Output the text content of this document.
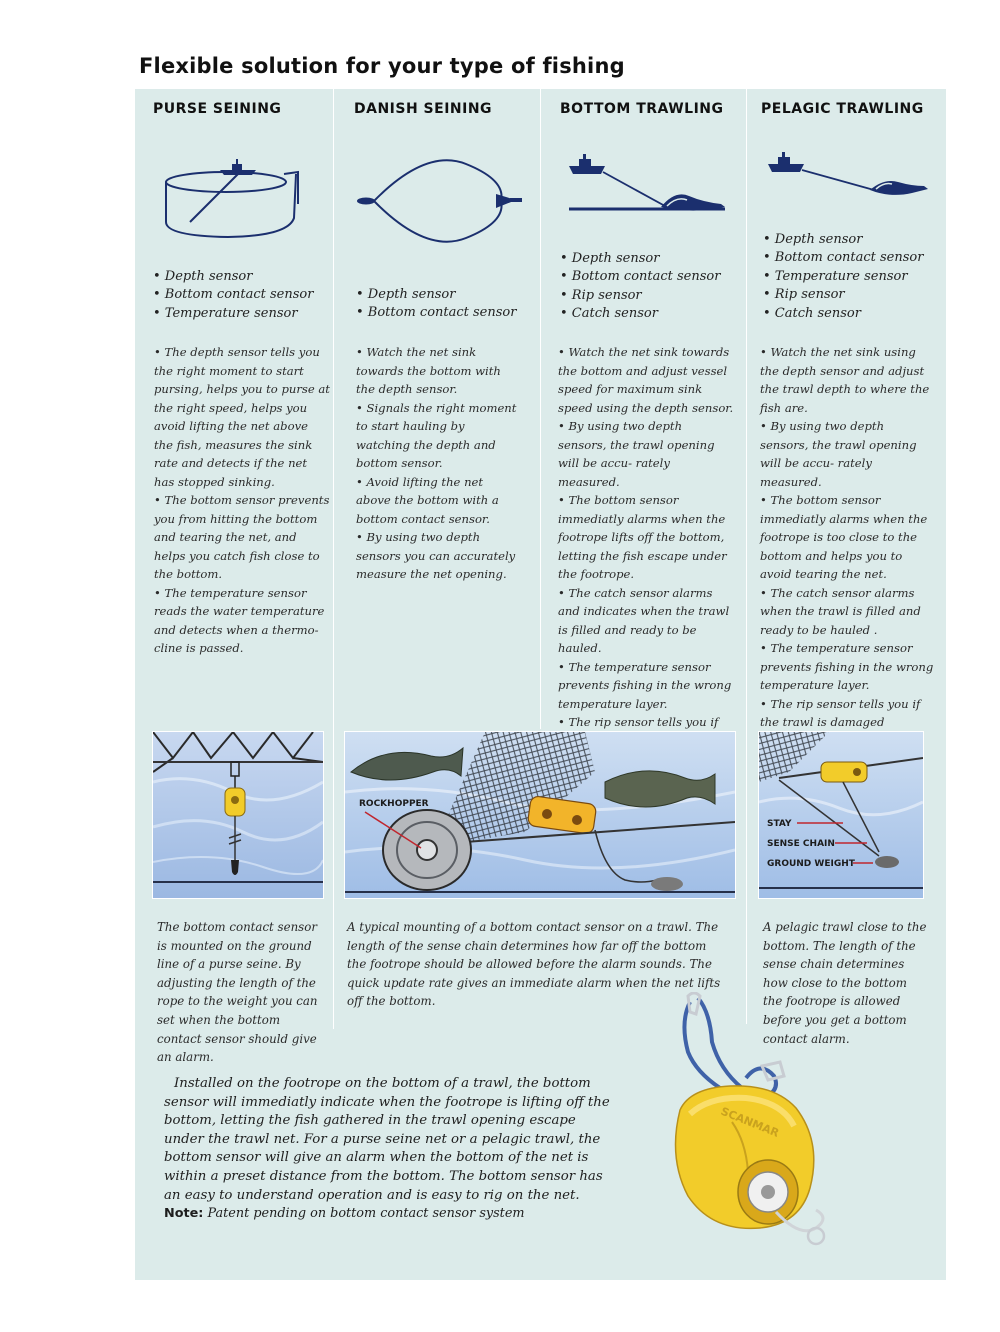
Flexible solution for your type of fishing
PURSE SEINING	DANISH SEINING	BOTTOM TRAWLING	PELAGIC TRAWLING
• Depth sensor
• Bottom contact sensor
• Temperature sensor
• Depth sensor
• Bottom contact sensor
• Depth sensor
• Bottom contact sensor
• Rip sensor
• Catch sensor
• Depth sensor
• Bottom contact sensor
• Temperature sensor
• Rip sensor
• Catch sensor

• The depth sensor tells you the right moment to start pursing, helps you to purse at the right speed, helps you avoid lifting the net above the fish, measures the sink rate and detects if the net has stopped sinking.

• The bottom sensor prevents you from hitting the bottom and tearing the net, and helps you catch fish close to the bottom.

• The temperature sensor reads the water temperature and detects when a thermo-cline is passed.

• Watch the net sink towards the bottom with the depth sensor.

• Signals the right moment to start hauling by watching the depth and bottom sensor.

• Avoid lifting the net above the bottom with a bottom contact sensor.

• By using two depth sensors you can accurately measure the net opening.

• Watch the net sink towards the bottom and adjust vessel speed for maximum sink speed using the depth sensor.

• By using two depth sensors, the trawl opening will be accu- rately measured.

• The bottom sensor immediatly alarms when the footrope lifts off the bottom, letting the fish escape under the footrope.

• The catch sensor alarms and indicates when the trawl is filled and ready to be hauled.

• The temperature sensor prevents fishing in the wrong temperature layer.

• The rip sensor tells you if

• Watch the net sink using the depth sensor and adjust the trawl depth to where the fish are.

• By using two depth sensors, the trawl opening will be accu- rately measured.

• The bottom sensor immediatly alarms when the footrope is too close to the bottom and helps you to avoid tearing the net.

• The catch sensor alarms when the trawl is filled and ready to be hauled .

• The temperature sensor prevents fishing in the wrong temperature layer.

• The rip sensor tells you if the trawl is damaged

ROCKHOPPER
STAY
SENSE CHAIN
GROUND WEIGHT

The bottom contact sensor is mounted on the ground line of a purse seine. By adjusting the length of the rope to the weight you can set when the bottom contact sensor should give an alarm.

A typical mounting of a bottom contact sensor on a trawl. The length of the sense chain determines how far off the bottom the footrope should be allowed before the alarm sounds. The quick update rate gives an immediate alarm when the net lifts off the bottom.

A pelagic trawl close to the bottom. The length of the sense chain determines how close to the bottom the footrope is allowed before you get a bottom contact alarm.

Installed on the footrope on the bottom of a trawl, the bottom sensor will immediatly indicate when the footrope is lifting off the bottom, letting the fish gathered in the trawl opening escape under the trawl net. For a purse seine net or a pelagic trawl, the bottom sensor will give an alarm when the bottom of the net is within a preset distance from the bottom. The bottom sensor has an easy to understand operation and is easy to rig on the net.

Note: Patent pending on bottom contact sensor system

SCANMAR
